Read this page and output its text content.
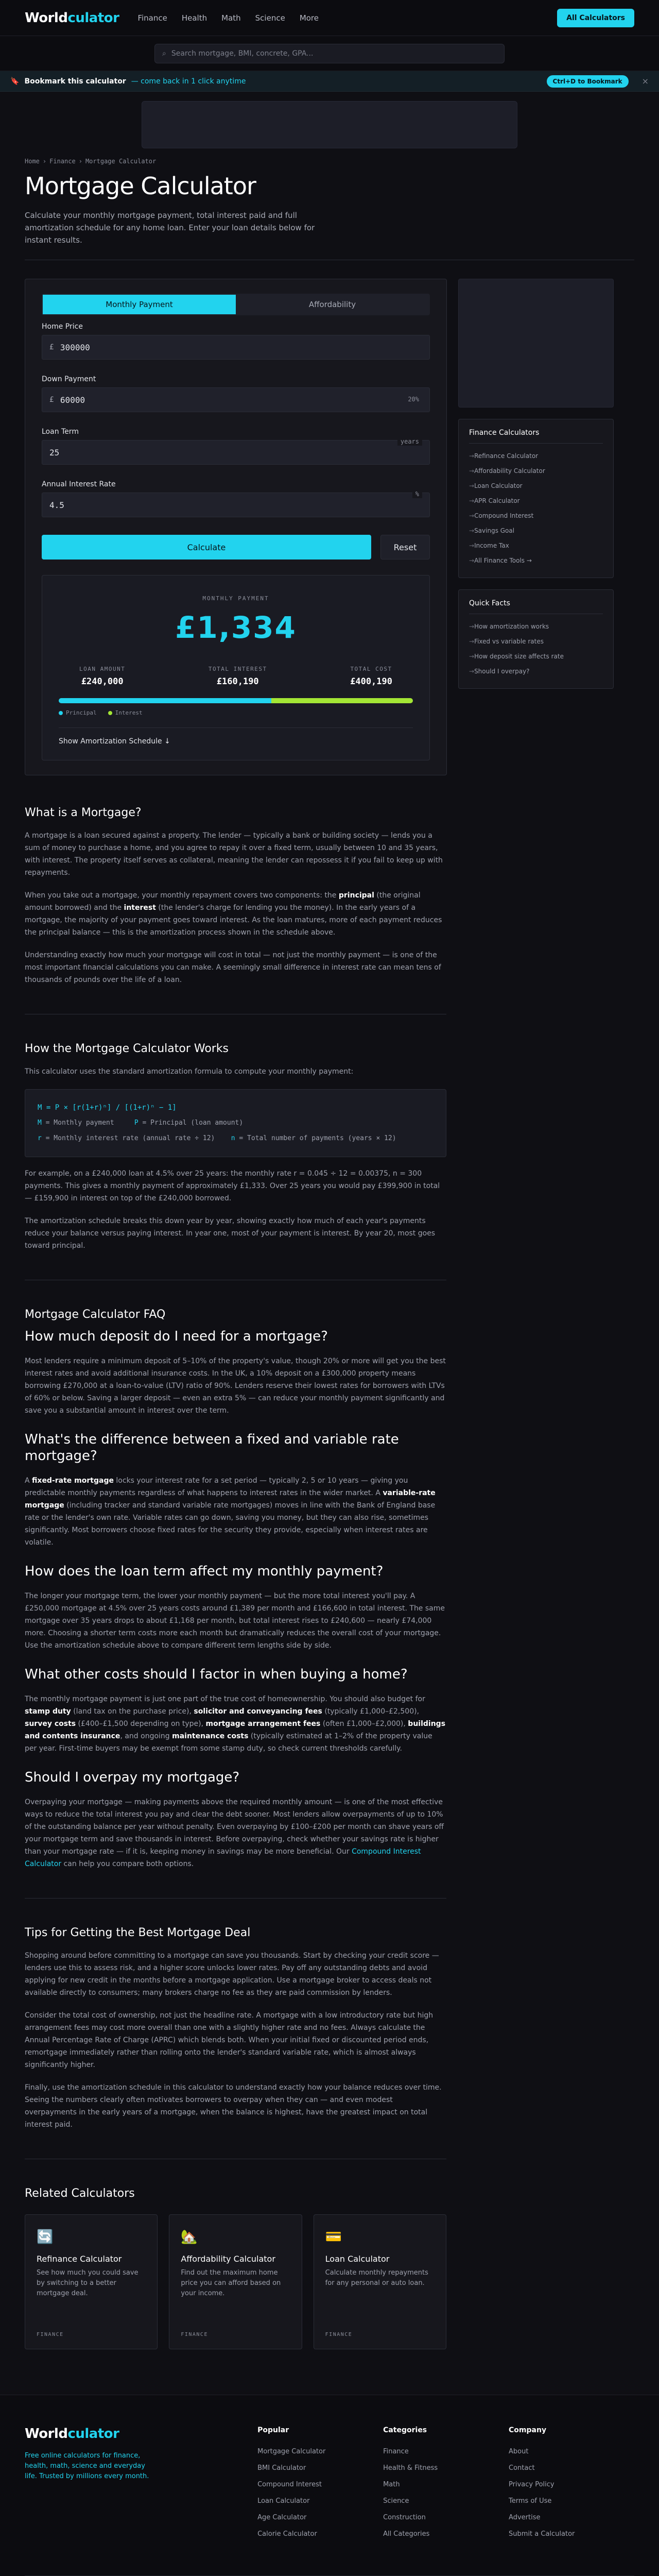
Worldculator Finance Health Math Science More	All Calculators
⌕
Search mortgage, BMI, concrete, GPA...
🔖 Bookmark this calculator — come back in 1 click anytime	Ctrl+D to Bookmark	×
Home › Finance › Mortgage Calculator
Mortgage Calculator

Calculate your monthly mortgage payment, total interest paid and full amortization schedule for any home loan. Enter your loan details below for instant results.

Monthly Payment	Affordability
Home Price
£
300000
Down Payment
£
60000	20%
Loan Term
25
years
Annual Interest Rate
4.5
%
Calculate	Reset
MONTHLY PAYMENT
£1,334
LOAN AMOUNT
£240,000
TOTAL INTEREST
£160,190
TOTAL COST
£400,190
Principal	Interest
Show Amortization Schedule ↓
Finance Calculators
→ Refinance Calculator
→ Affordability Calculator
→ Loan Calculator
→ APR Calculator
→ Compound Interest
→ Savings Goal
→ Income Tax
→ All Finance Tools →
Quick Facts
→ How amortization works
→ Fixed vs variable rates
→ How deposit size affects rate
→ Should I overpay?
What is a Mortgage?

A mortgage is a loan secured against a property. The lender — typically a bank or building society — lends you a sum of money to purchase a home, and you agree to repay it over a fixed term, usually between 10 and 35 years, with interest. The property itself serves as collateral, meaning the lender can repossess it if you fail to keep up with repayments.

When you take out a mortgage, your monthly repayment covers two components: the principal (the original amount borrowed) and the interest (the lender's charge for lending you the money). In the early years of a mortgage, the majority of your payment goes toward interest. As the loan matures, more of each payment reduces the principal balance — this is the amortization process shown in the schedule above.

Understanding exactly how much your mortgage will cost in total — not just the monthly payment — is one of the most important financial calculations you can make. A seemingly small difference in interest rate can mean tens of thousands of pounds over the life of a loan.

How the Mortgage Calculator Works

This calculator uses the standard amortization formula to compute your monthly payment:

M = P × [r(1+r)ⁿ] / [(1+r)ⁿ − 1]
M = Monthly payment	P = Principal (loan amount)
r = Monthly interest rate (annual rate ÷ 12) n = Total number of payments (years × 12)

For example, on a £240,000 loan at 4.5% over 25 years: the monthly rate r = 0.045 ÷ 12 = 0.00375, n = 300 payments. This gives a monthly payment of approximately £1,333. Over 25 years you would pay £399,900 in total — £159,900 in interest on top of the £240,000 borrowed.

The amortization schedule breaks this down year by year, showing exactly how much of each year's payments reduce your balance versus paying interest. In year one, most of your payment is interest. By year 20, most goes toward principal.

Mortgage Calculator FAQ
How much deposit do I need for a mortgage?

Most lenders require a minimum deposit of 5–10% of the property's value, though 20% or more will get you the best interest rates and avoid additional insurance costs. In the UK, a 10% deposit on a £300,000 property means borrowing £270,000 at a loan-to-value (LTV) ratio of 90%. Lenders reserve their lowest rates for borrowers with LTVs of 60% or below. Saving a larger deposit — even an extra 5% — can reduce your monthly payment significantly and save you a substantial amount in interest over the term.

What's the difference between a fixed and variable rate mortgage?

A fixed-rate mortgage locks your interest rate for a set period — typically 2, 5 or 10 years — giving you predictable monthly payments regardless of what happens to interest rates in the wider market. A variable-rate mortgage (including tracker and standard variable rate mortgages) moves in line with the Bank of England base rate or the lender's own rate. Variable rates can go down, saving you money, but they can also rise, sometimes significantly. Most borrowers choose fixed rates for the security they provide, especially when interest rates are volatile.

How does the loan term affect my monthly payment?

The longer your mortgage term, the lower your monthly payment — but the more total interest you'll pay. A £250,000 mortgage at 4.5% over 25 years costs around £1,389 per month and £166,600 in total interest. The same mortgage over 35 years drops to about £1,168 per month, but total interest rises to £240,600 — nearly £74,000 more. Choosing a shorter term costs more each month but dramatically reduces the overall cost of your mortgage. Use the amortization schedule above to compare different term lengths side by side.

What other costs should I factor in when buying a home?

The monthly mortgage payment is just one part of the true cost of homeownership. You should also budget for stamp duty (land tax on the purchase price), solicitor and conveyancing fees (typically £1,000–£2,500), survey costs (£400–£1,500 depending on type), mortgage arrangement fees (often £1,000–£2,000), buildings and contents insurance, and ongoing maintenance costs (typically estimated at 1–2% of the property value per year. First-time buyers may be exempt from some stamp duty, so check current thresholds carefully.

Should I overpay my mortgage?

Overpaying your mortgage — making payments above the required monthly amount — is one of the most effective ways to reduce the total interest you pay and clear the debt sooner. Most lenders allow overpayments of up to 10% of the outstanding balance per year without penalty. Even overpaying by £100–£200 per month can shave years off your mortgage term and save thousands in interest. Before overpaying, check whether your savings rate is higher than your mortgage rate — if it is, keeping money in savings may be more beneficial. Our Compound Interest Calculator can help you compare both options.

Tips for Getting the Best Mortgage Deal

Shopping around before committing to a mortgage can save you thousands. Start by checking your credit score — lenders use this to assess risk, and a higher score unlocks lower rates. Pay off any outstanding debts and avoid applying for new credit in the months before a mortgage application. Use a mortgage broker to access deals not available directly to consumers; many brokers charge no fee as they are paid commission by lenders.

Consider the total cost of ownership, not just the headline rate. A mortgage with a low introductory rate but high arrangement fees may cost more overall than one with a slightly higher rate and no fees. Always calculate the Annual Percentage Rate of Charge (APRC) which blends both. When your initial fixed or discounted period ends, remortgage immediately rather than rolling onto the lender's standard variable rate, which is almost always significantly higher.

Finally, use the amortization schedule in this calculator to understand exactly how your balance reduces over time. Seeing the numbers clearly often motivates borrowers to overpay when they can — and even modest overpayments in the early years of a mortgage, when the balance is highest, have the greatest impact on total interest paid.

Related Calculators
🔄
Refinance Calculator

See how much you could save by switching to a better mortgage deal.

FINANCE
🏡
Affordability Calculator

Find out the maximum home price you can afford based on your income.

FINANCE
💳
Loan Calculator

Calculate monthly repayments for any personal or auto loan.

FINANCE
Worldculator

Free online calculators for finance, health, math, science and everyday life. Trusted by millions every month.

Popular
Mortgage Calculator
BMI Calculator
Compound Interest
Loan Calculator
Age Calculator
Calorie Calculator
Categories
Finance
Health & Fitness
Math
Science
Construction
All Categories
Company
About
Contact
Privacy Policy
Terms of Use
Advertise
Submit a Calculator
